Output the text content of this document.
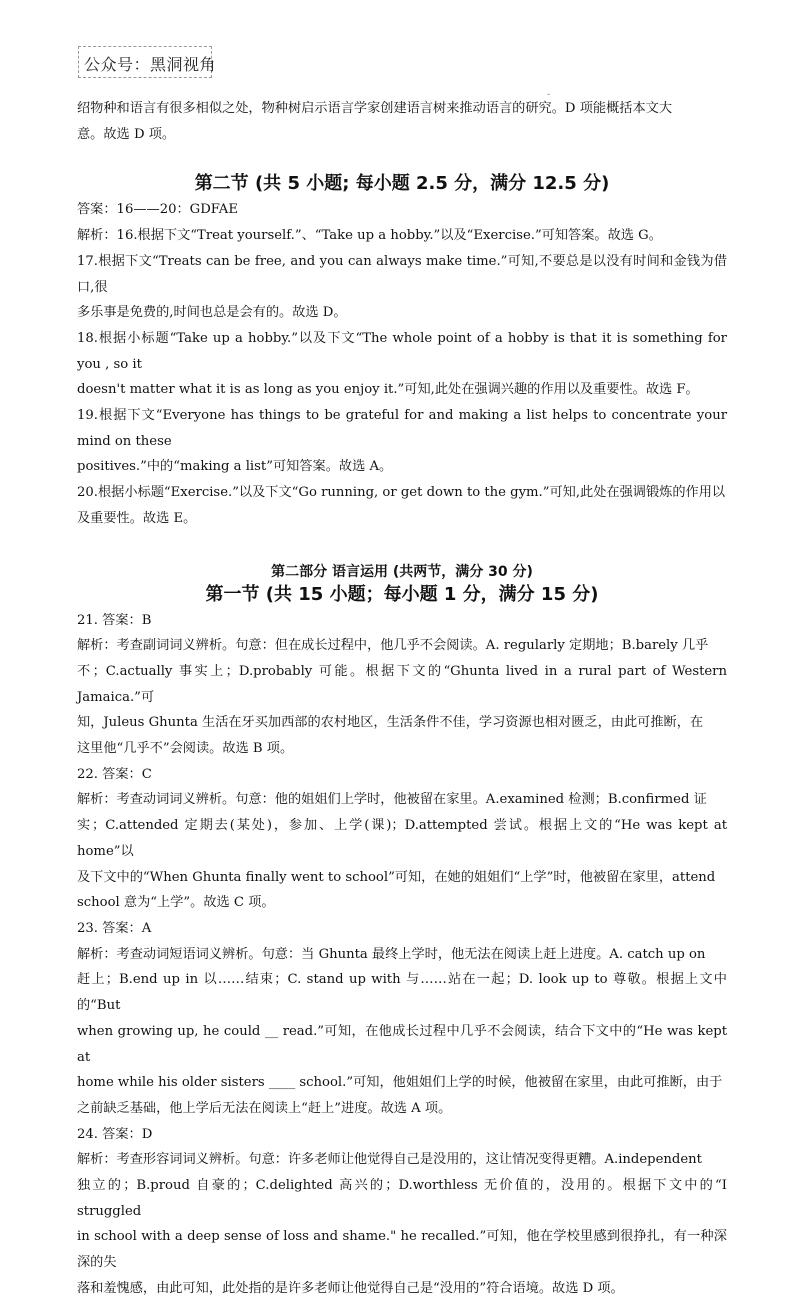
公众号：黑洞视角
-

绍物种和语言有很多相似之处，物种树启示语言学家创建语言树来推动语言的研究。D 项能概括本文大

意。故选 D 项。

第二节 (共 5 小题; 每小题 2.5 分，满分 12.5 分)

答案：16——20：GDFAE

解析：16.根据下文“Treat yourself.”、“Take up a hobby.”以及“Exercise.”可知答案。故选 G。

17.根据下文“Treats can be free, and you can always make time.”可知,不要总是以没有时间和金钱为借口,很

多乐事是免费的,时间也总是会有的。故选 D。

18.根据小标题“Take up a hobby.”以及下文“The whole point of a hobby is that it is something for you , so it

doesn't matter what it is as long as you enjoy it.”可知,此处在强调兴趣的作用以及重要性。故选 F。

19.根据下文“Everyone has things to be grateful for and making a list helps to concentrate your mind on these

positives.”中的“making a list”可知答案。故选 A。

20.根据小标题“Exercise.”以及下文“Go running, or get down to the gym.”可知,此处在强调锻炼的作用以

及重要性。故选 E。

第二部分 语言运用 (共两节，满分 30 分)
第一节 (共 15 小题；每小题 1 分，满分 15 分)

21. 答案：B

解析：考查副词词义辨析。句意：但在成长过程中，他几乎不会阅读。A. regularly 定期地；B.barely 几乎

不；C.actually 事实上；D.probably 可能。根据下文的“Ghunta lived in a rural part of Western Jamaica.”可

知，Juleus Ghunta 生活在牙买加西部的农村地区，生活条件不佳，学习资源也相对匮乏，由此可推断，在

这里他“几乎不”会阅读。故选 B 项。

22. 答案：C

解析：考查动词词义辨析。句意：他的姐姐们上学时，他被留在家里。A.examined 检测；B.confirmed 证

实；C.attended 定期去(某处)，参加、上学(课)；D.attempted 尝试。根据上文的“He was kept at home”以

及下文中的“When Ghunta finally went to school”可知，在她的姐姐们“上学”时，他被留在家里，attend

school 意为“上学”。故选 C 项。

23. 答案：A

解析：考查动词短语词义辨析。句意：当 Ghunta 最终上学时，他无法在阅读上赶上进度。A. catch up on

赶上；B.end up in 以……结束；C. stand up with 与……站在一起；D. look up to 尊敬。根据上文中的“But

when growing up, he could __ read.”可知，在他成长过程中几乎不会阅读，结合下文中的“He was kept at

home while his older sisters ____ school.”可知，他姐姐们上学的时候，他被留在家里，由此可推断，由于

之前缺乏基础，他上学后无法在阅读上“赶上”进度。故选 A 项。

24. 答案：D

解析：考查形容词词义辨析。句意：许多老师让他觉得自己是没用的，这让情况变得更糟。A.independent

独立的；B.proud 自豪的；C.delighted 高兴的；D.worthless 无价值的，没用的。根据下文中的“I struggled

in school with a deep sense of loss and shame." he recalled.”可知，他在学校里感到很挣扎，有一种深深的失

落和羞愧感，由此可知，此处指的是许多老师让他觉得自己是“没用的”符合语境。故选 D 项。
